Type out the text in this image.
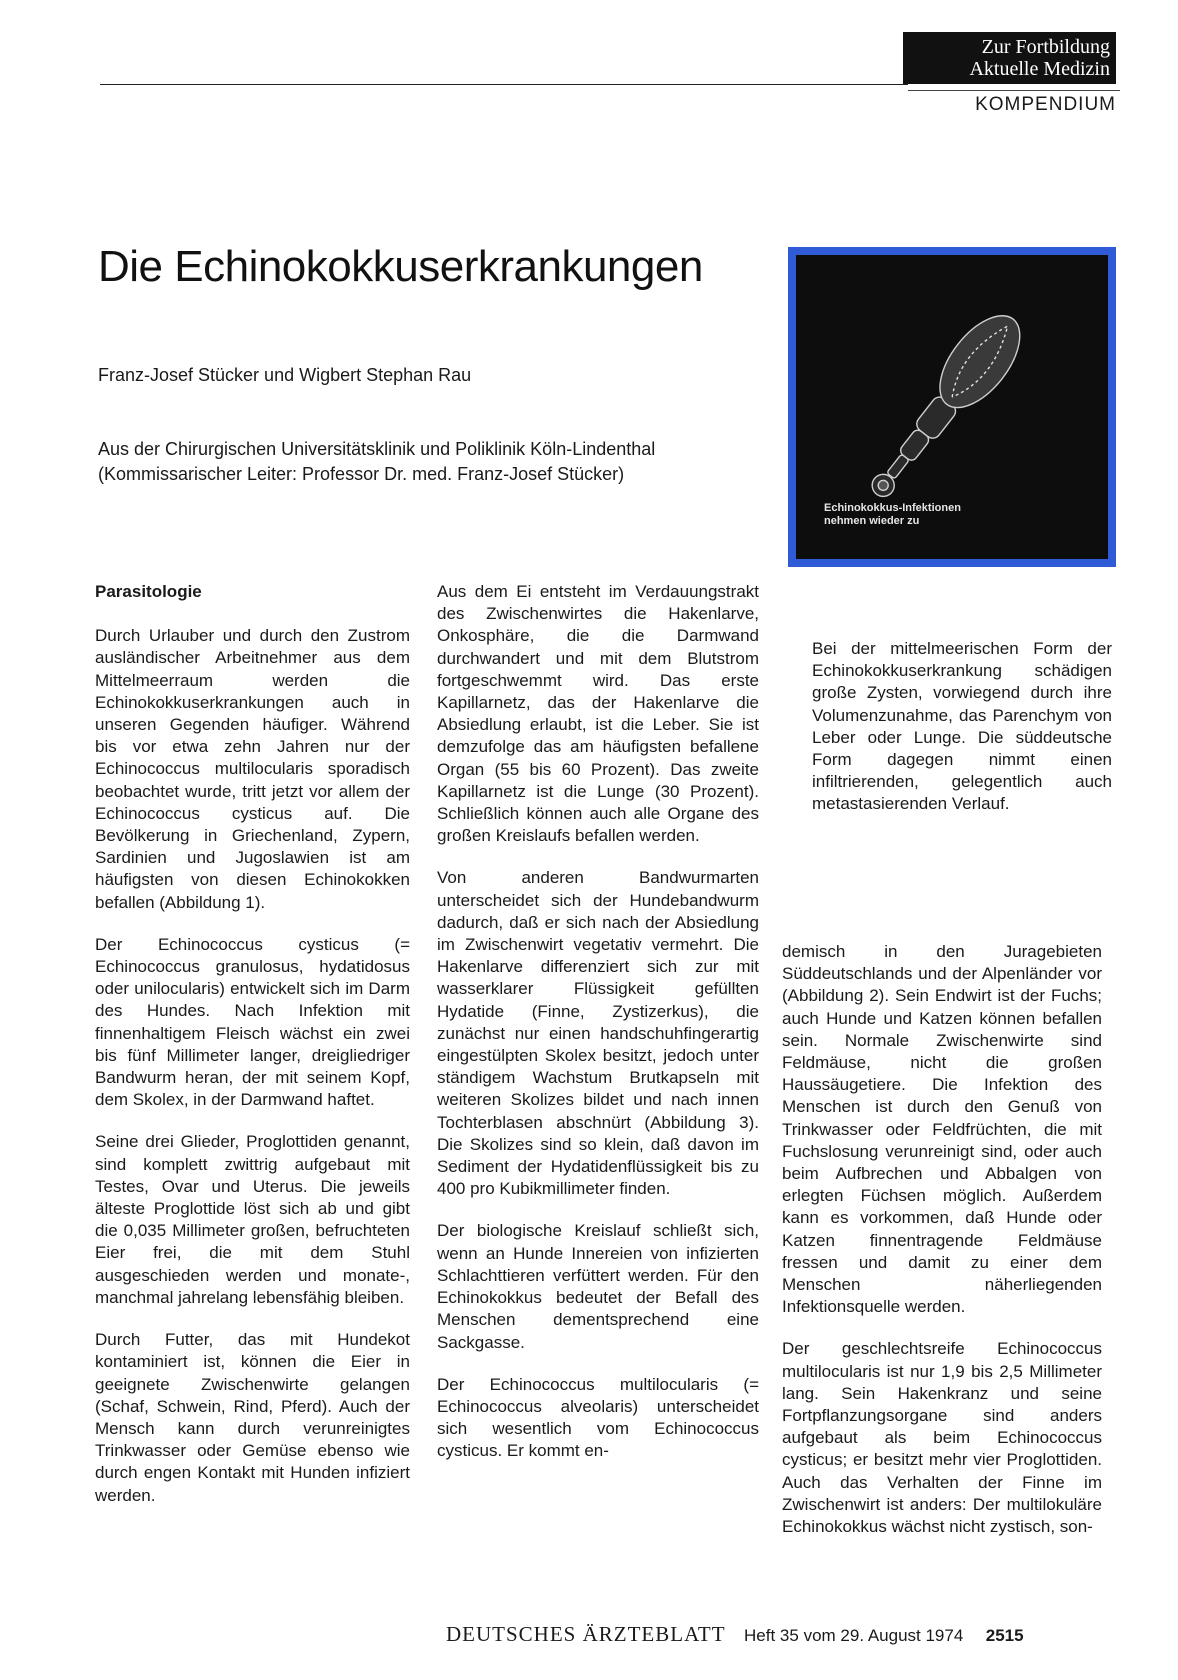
Zur Fortbildung
Aktuelle Medizin
KOMPENDIUM
Die Echinokokkuserkrankungen
Franz-Josef Stücker und Wigbert Stephan Rau
Aus der Chirurgischen Universitätsklinik und Poliklinik Köln-Lindenthal
(Kommissarischer Leiter: Professor Dr. med. Franz-Josef Stücker)
Echinokokkus-Infektionen
nehmen wieder zu

Parasitologie

Durch Urlauber und durch den Zustrom ausländischer Arbeitnehmer aus dem Mittelmeerraum werden die Echinokokkuserkrankungen auch in unseren Gegenden häufiger. Während bis vor etwa zehn Jahren nur der Echinococcus multilocularis sporadisch beobachtet wurde, tritt jetzt vor allem der Echinococcus cysticus auf. Die Bevölkerung in Griechenland, Zypern, Sardinien und Jugoslawien ist am häufigsten von diesen Echinokokken befallen (Abbildung 1).

Der Echinococcus cysticus (= Echinococcus granulosus, hydatidosus oder unilocularis) entwickelt sich im Darm des Hundes. Nach Infektion mit finnenhaltigem Fleisch wächst ein zwei bis fünf Millimeter langer, dreigliedriger Bandwurm heran, der mit seinem Kopf, dem Skolex, in der Darmwand haftet.

Seine drei Glieder, Proglottiden genannt, sind komplett zwittrig aufgebaut mit Testes, Ovar und Uterus. Die jeweils älteste Proglottide löst sich ab und gibt die 0,035 Millimeter großen, befruchteten Eier frei, die mit dem Stuhl ausgeschieden werden und monate-, manchmal jahrelang lebensfähig bleiben.

Durch Futter, das mit Hundekot kontaminiert ist, können die Eier in geeignete Zwischenwirte gelangen (Schaf, Schwein, Rind, Pferd). Auch der Mensch kann durch verunreinigtes Trinkwasser oder Gemüse ebenso wie durch engen Kontakt mit Hunden infiziert werden.

Aus dem Ei entsteht im Verdauungstrakt des Zwischenwirtes die Hakenlarve, Onkosphäre, die die Darmwand durchwandert und mit dem Blutstrom fortgeschwemmt wird. Das erste Kapillarnetz, das der Hakenlarve die Absiedlung erlaubt, ist die Leber. Sie ist demzufolge das am häufigsten befallene Organ (55 bis 60 Prozent). Das zweite Kapillarnetz ist die Lunge (30 Prozent). Schließlich können auch alle Organe des großen Kreislaufs befallen werden.

Von anderen Bandwurmarten unterscheidet sich der Hundebandwurm dadurch, daß er sich nach der Absiedlung im Zwischenwirt vegetativ vermehrt. Die Hakenlarve differenziert sich zur mit wasserklarer Flüssigkeit gefüllten Hydatide (Finne, Zystizerkus), die zunächst nur einen handschuhfingerartig eingestülpten Skolex besitzt, jedoch unter ständigem Wachstum Brutkapseln mit weiteren Skolizes bildet und nach innen Tochterblasen abschnürt (Abbildung 3). Die Skolizes sind so klein, daß davon im Sediment der Hydatidenflüssigkeit bis zu 400 pro Kubikmillimeter finden.

Der biologische Kreislauf schließt sich, wenn an Hunde Innereien von infizierten Schlachttieren verfüttert werden. Für den Echinokokkus bedeutet der Befall des Menschen dementsprechend eine Sackgasse.

Der Echinococcus multilocularis (= Echinococcus alveolaris) unterscheidet sich wesentlich vom Echinococcus cysticus. Er kommt en-

Bei der mittelmeerischen Form der Echinokokkuserkrankung schädigen große Zysten, vorwiegend durch ihre Volumenzunahme, das Parenchym von Leber oder Lunge. Die süddeutsche Form dagegen nimmt einen infiltrierenden, gelegentlich auch metastasierenden Verlauf.

demisch in den Juragebieten Süddeutschlands und der Alpenländer vor (Abbildung 2). Sein Endwirt ist der Fuchs; auch Hunde und Katzen können befallen sein. Normale Zwischenwirte sind Feldmäuse, nicht die großen Haussäugetiere. Die Infektion des Menschen ist durch den Genuß von Trinkwasser oder Feldfrüchten, die mit Fuchslosung verunreinigt sind, oder auch beim Aufbrechen und Abbalgen von erlegten Füchsen möglich. Außerdem kann es vorkommen, daß Hunde oder Katzen finnentragende Feldmäuse fressen und damit zu einer dem Menschen näherliegenden Infektionsquelle werden.

Der geschlechtsreife Echinococcus multilocularis ist nur 1,9 bis 2,5 Millimeter lang. Sein Hakenkranz und seine Fortpflanzungsorgane sind anders aufgebaut als beim Echinococcus cysticus; er besitzt mehr vier Proglottiden. Auch das Verhalten der Finne im Zwischenwirt ist anders: Der multilokuläre Echinokokkus wächst nicht zystisch, son-

DEUTSCHES ÄRZTEBLATT Heft 35 vom 29. August 1974 2515
